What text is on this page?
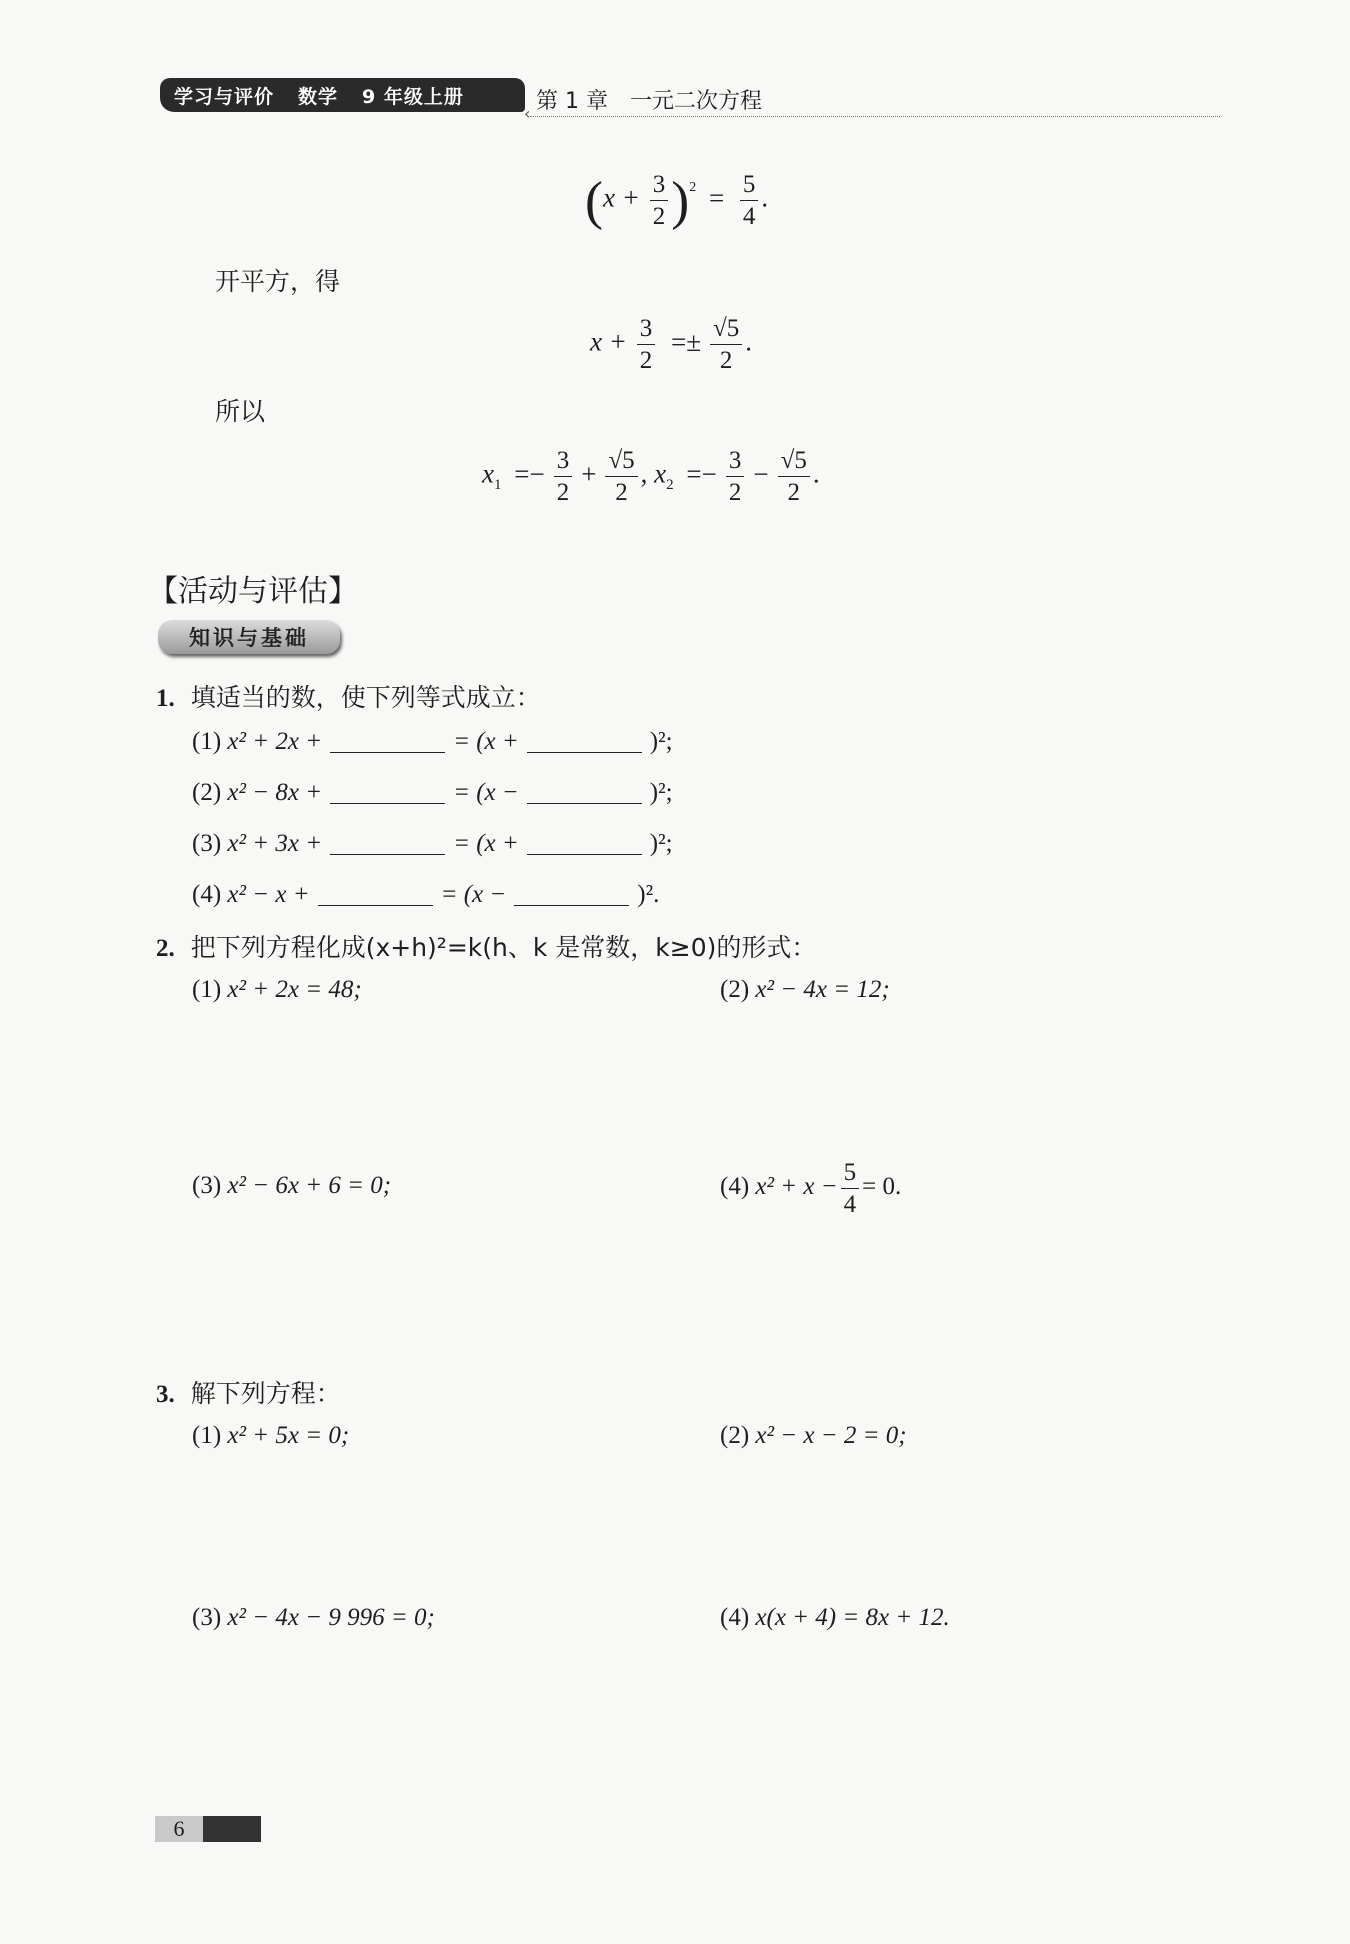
学习与评价 数学 9 年级上册	第 1 章 一元二次方程
‹
$(x + \frac{3}{2} )^2 = \frac{5}{4}$ .
开平方，得
$x + \frac{3}{2} =\pm \frac{√5}{2}$ .
所以
$x_1 =- \frac{3}{2} + \frac{√5}{2}$ , $x_2 =- \frac{3}{2} - \frac{√5}{2}$ .
【活动与评估】
知识与基础
1. 填适当的数，使下列等式成立：
(1) x² + 2x +	= (x +	)²;
(2) x² − 8x +	= (x −	)²;
(3) x² + 3x +	= (x +	)²;
(4) x² − x +	= (x −	)².
2. 把下列方程化成(x+h)²=k(h、k 是常数，k≥0)的形式：
(1) x² + 2x = 48;	(2) x² − 4x = 12;
(3) x² − 6x + 6 = 0;	(4) $x^2 + x - \frac{5}{4} = 0$.
3. 解下列方程：
(1) x² + 5x = 0;	(2) x² − x − 2 = 0;
(3) x² − 4x − 9 996 = 0;	(4) x(x + 4) = 8x + 12.
6
